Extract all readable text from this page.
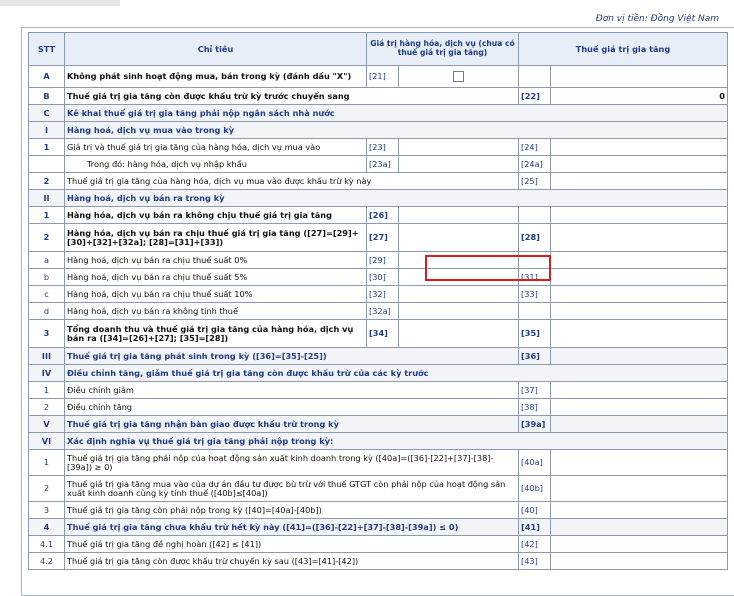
Đơn vị tiền: Đồng Việt Nam
STT	Chỉ tiêu	Giá trị hàng hóa, dịch vụ (chưa có thuế giá trị gia tăng)		Thuế giá trị gia tăng	
A	Không phát sinh hoạt động mua, bán trong kỳ (đánh dấu "X")	[21]			
B	Thuế giá trị gia tăng còn được khấu trừ kỳ trước chuyển sang			[22]	0
C	Kê khai thuế giá trị gia tăng phải nộp ngân sách nhà nước				
I	Hàng hoá, dịch vụ mua vào trong kỳ				
1	Giá trị và thuế giá trị gia tăng của hàng hóa, dịch vụ mua vào	[23]		[24]	
	Trong đó: hàng hóa, dịch vụ nhập khẩu	[23a]		[24a]	
2	Thuế giá trị gia tăng của hàng hóa, dịch vụ mua vào được khấu trừ kỳ này			[25]	
II	Hàng hoá, dịch vụ bán ra trong kỳ				
1	Hàng hóa, dịch vụ bán ra không chịu thuế giá trị gia tăng	[26]			
2	Hàng hóa, dịch vụ bán ra chịu thuế giá trị gia tăng ([27]=[29]+[30]+[32]+[32a]; [28]=[31]+[33])	[27]		[28]	
a	Hàng hoá, dịch vụ bán ra chịu thuế suất 0%	[29]			
b	Hàng hoá, dịch vụ bán ra chịu thuế suất 5%	[30]		[31]	
c	Hàng hoá, dịch vụ bán ra chịu thuế suất 10%	[32]		[33]	
d	Hàng hoá, dịch vụ bán ra không tính thuế	[32a]			
3	Tổng doanh thu và thuế giá trị gia tăng của hàng hóa, dịch vụ bán ra ([34]=[26]+[27]; [35]=[28])	[34]		[35]	
III	Thuế giá trị gia tăng phát sinh trong kỳ ([36]=[35]-[25])			[36]	
IV	Điều chỉnh tăng, giảm thuế giá trị gia tăng còn được khấu trừ của các kỳ trước				
1	Điều chỉnh giảm			[37]	
2	Điều chỉnh tăng			[38]	
V	Thuế giá trị gia tăng nhận bàn giao được khấu trừ trong kỳ			[39a]	
VI	Xác định nghĩa vụ thuế giá trị gia tăng phải nộp trong kỳ:				
1	Thuế giá trị gia tăng phải nộp của hoạt động sản xuất kinh doanh trong kỳ ([40a]=([36]-[22]+[37]-[38]-[39a]) ≥ 0)			[40a]	
2	Thuế giá trị gia tăng mua vào của dự án đầu tư được bù trừ với thuế GTGT còn phải nộp của hoạt động sản xuất kinh doanh cùng kỳ tính thuế ([40b]≤[40a])			[40b]	
3	Thuế giá trị gia tăng còn phải nộp trong kỳ ([40]=[40a]-[40b])			[40]	
4	Thuế giá trị gia tăng chưa khấu trừ hết kỳ này ([41]=([36]-[22]+[37]-[38]-[39a]) ≤ 0)			[41]	
4.1	Thuế giá trị gia tăng đề nghị hoàn ([42] ≤ [41])			[42]	
4.2	Thuế giá trị gia tăng còn được khấu trừ chuyển kỳ sau ([43]=[41]-[42])			[43]	
